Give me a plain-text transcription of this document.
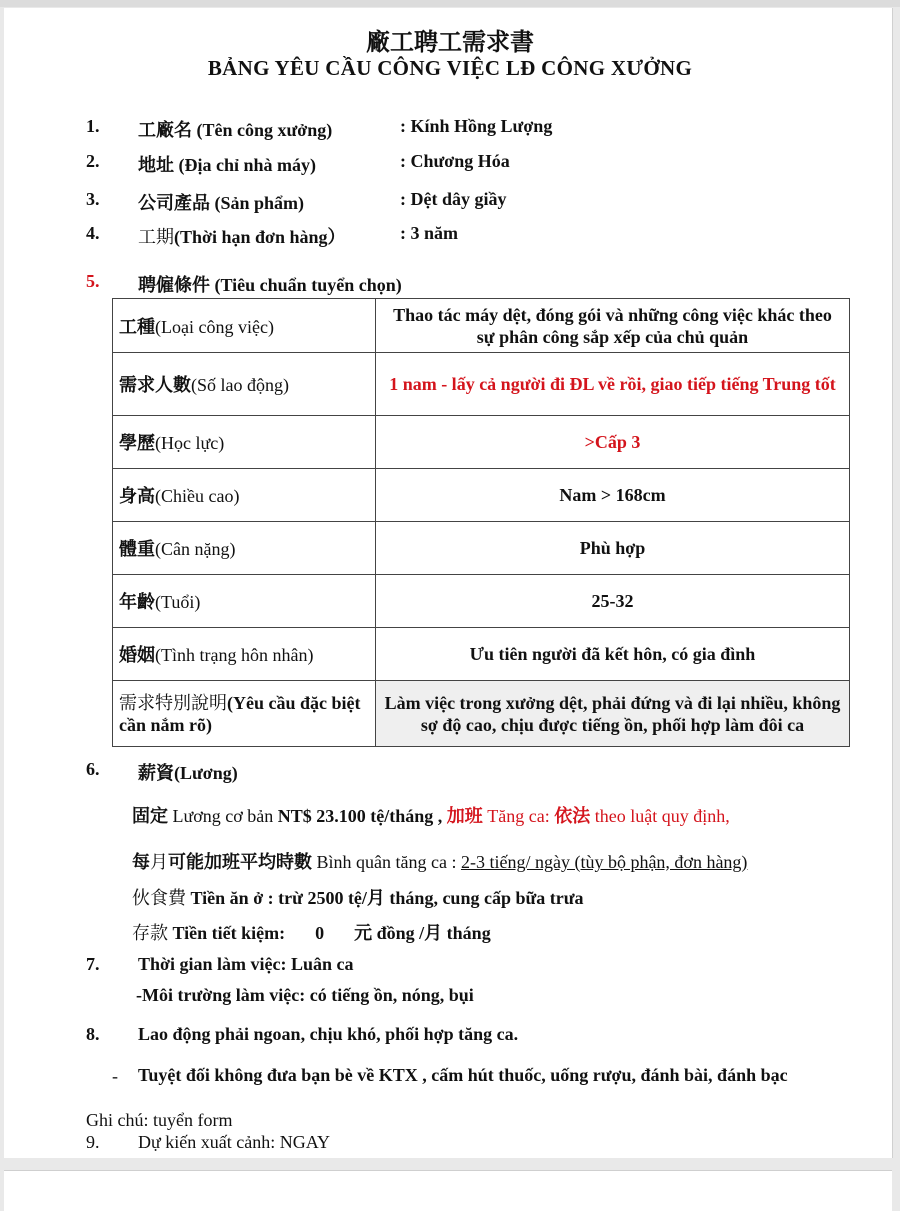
廠工聘工需求書
BẢNG YÊU CẦU CÔNG VIỆC LĐ CÔNG XƯỞNG
1. 工廠名 (Tên công xưởng)	: Kính Hồng Lượng
2. 地址 (Địa chỉ nhà máy)	: Chương Hóa
3. 公司產品 (Sản phẩm)	: Dệt dây giầy
4. 工期(Thời hạn đơn hàng）	: 3 năm
5. 聘僱條件 (Tiêu chuẩn tuyển chọn)
工種(Loại công việc)	Thao tác máy dệt, đóng gói và những công việc khác theo sự phân công sắp xếp của chủ quản
需求人數(Số lao động)	1 nam - lấy cả người đi ĐL về rồi, giao tiếp tiếng Trung tốt
學歷(Học lực)	>Cấp 3
身高(Chiều cao)	Nam > 168cm
體重(Cân nặng)	Phù hợp
年齡(Tuổi)	25-32
婚姻(Tình trạng hôn nhân)	Ưu tiên người đã kết hôn, có gia đình
需求特別說明(Yêu cầu đặc biệt cần nắm rõ)	Làm việc trong xưởng dệt, phải đứng và đi lại nhiều, không sợ độ cao, chịu được tiếng ồn, phối hợp làm đôi ca
6. 薪資(Lương)
固定 Lương cơ bản NT$ 23.100 tệ/tháng , 加班 Tăng ca: 依法 theo luật quy định,
每月可能加班平均時數 Bình quân tăng ca : 2-3 tiếng/ ngày (tùy bộ phận, đơn hàng)
伙食費 Tiền ăn ở : trừ 2500 tệ/月 tháng, cung cấp bữa trưa
存款 Tiền tiết kiệm: 0 元 đồng /月 tháng
7. Thời gian làm việc: Luân ca
-Môi trường làm việc: có tiếng ồn, nóng, bụi
8. Lao động phải ngoan, chịu khó, phối hợp tăng ca.
- Tuyệt đối không đưa bạn bè về KTX , cấm hút thuốc, uống rượu, đánh bài, đánh bạc
Ghi chú: tuyển form
9. Dự kiến xuất cảnh: NGAY
